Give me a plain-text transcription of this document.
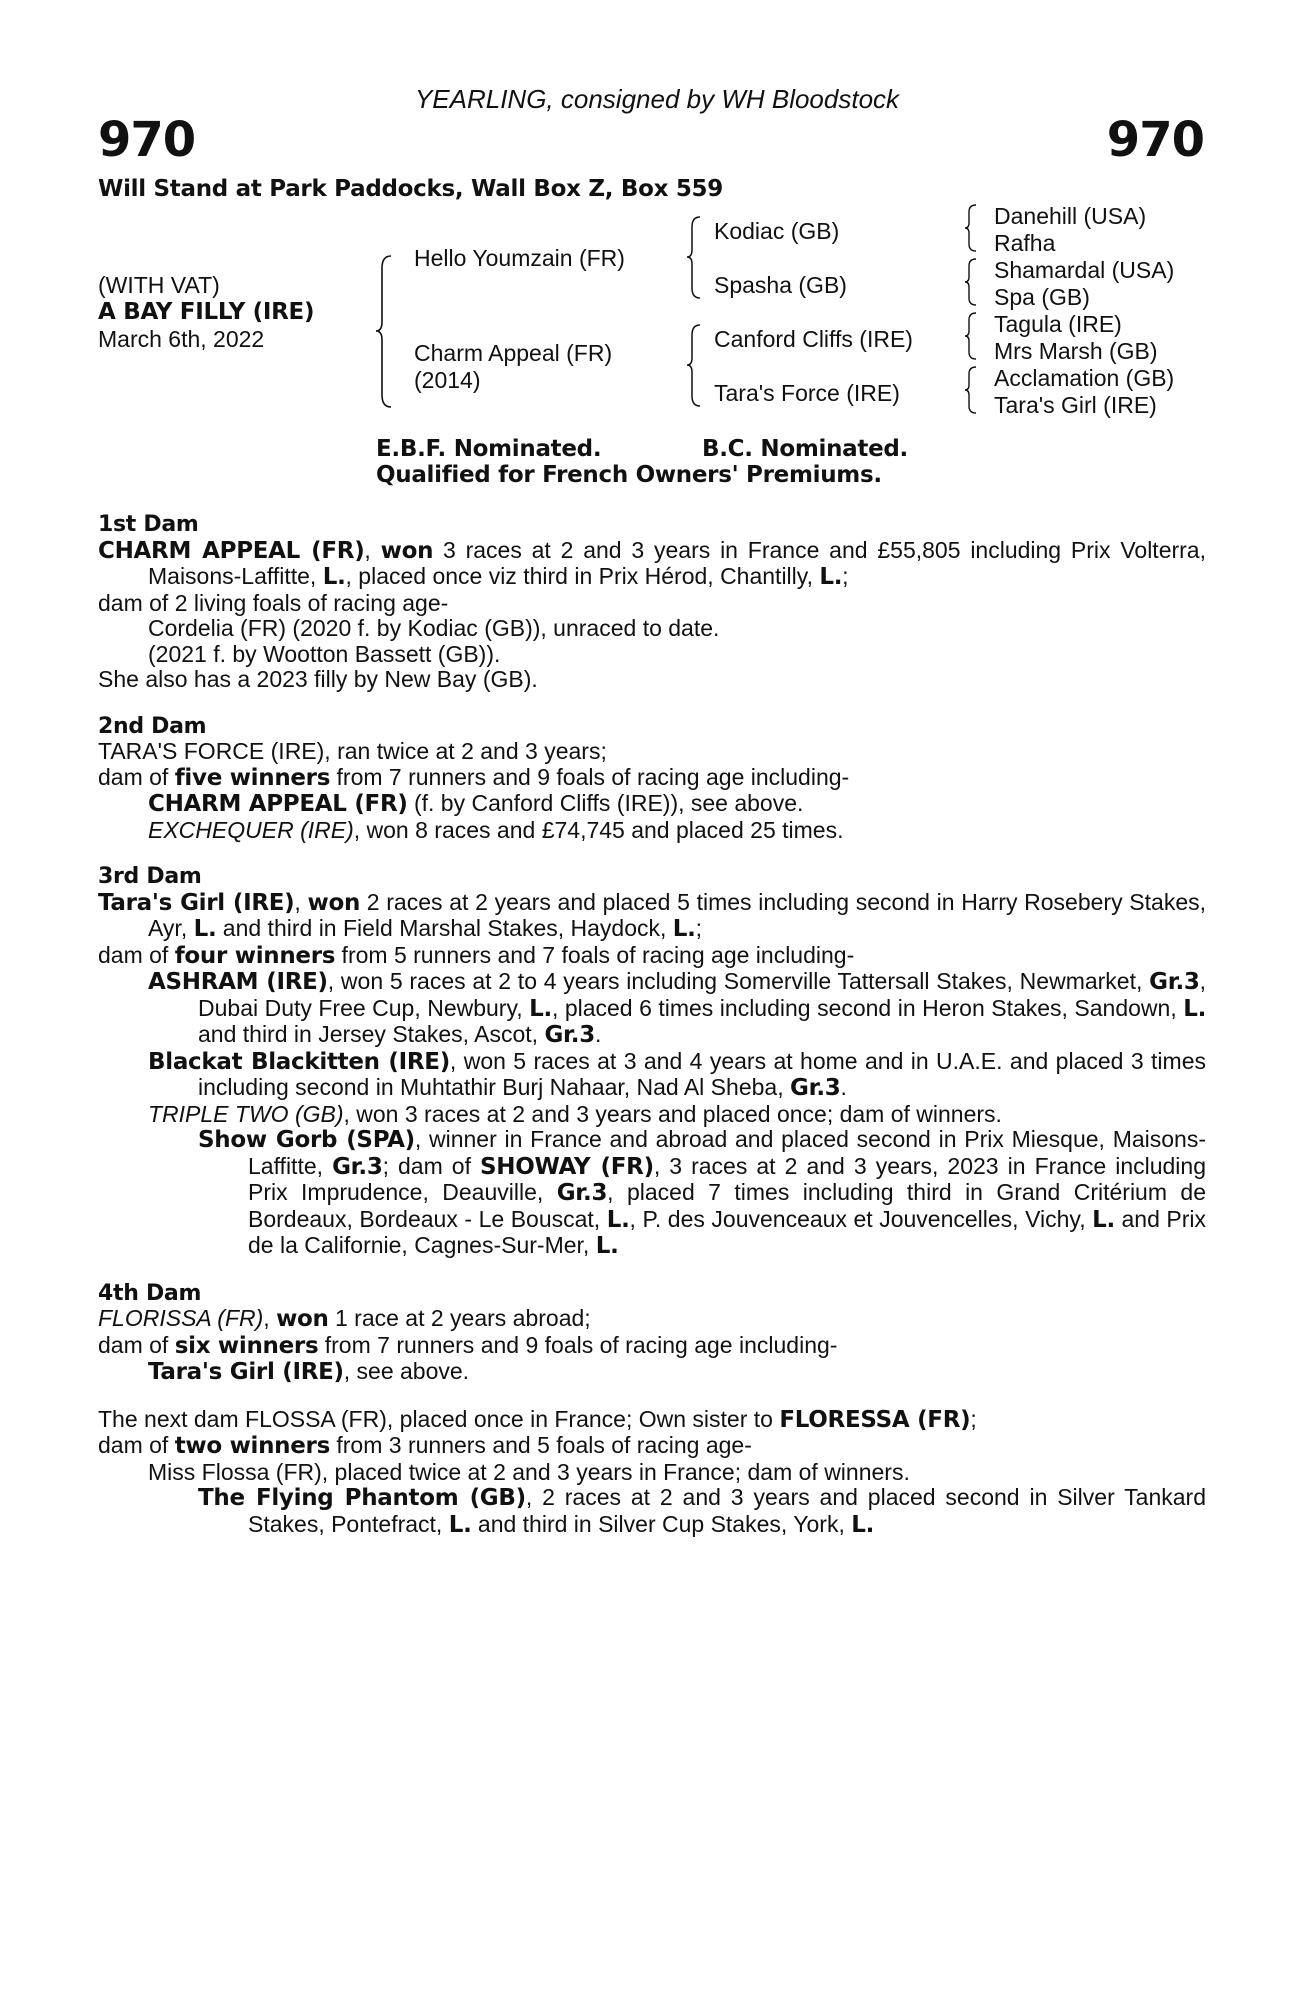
YEARLING, consigned by WH Bloodstock
970	970
Will Stand at Park Paddocks, Wall Box Z, Box 559
(WITH VAT)
A BAY FILLY (IRE)
March 6th, 2022
Hello Youmzain (FR)
Charm Appeal (FR)
(2014)
Kodiac (GB)
Spasha (GB)
Canford Cliffs (IRE)
Tara's Force (IRE)
Danehill (USA)
Rafha
Shamardal (USA)
Spa (GB)
Tagula (IRE)
Mrs Marsh (GB)
Acclamation (GB)
Tara's Girl (IRE)
E.B.F. Nominated.	B.C. Nominated.
Qualified for French Owners' Premiums.
1st Dam
CHARM APPEAL (FR), won 3 races at 2 and 3 years in France and £55,805 including Prix Volterra, Maisons-Laffitte, L., placed once viz third in Prix Hérod, Chantilly, L.;
dam of 2 living foals of racing age-
Cordelia (FR) (2020 f. by Kodiac (GB)), unraced to date.
(2021 f. by Wootton Bassett (GB)).
She also has a 2023 filly by New Bay (GB).
2nd Dam
TARA'S FORCE (IRE), ran twice at 2 and 3 years;
dam of five winners from 7 runners and 9 foals of racing age including-
CHARM APPEAL (FR) (f. by Canford Cliffs (IRE)), see above.
EXCHEQUER (IRE), won 8 races and £74,745 and placed 25 times.
3rd Dam
Tara's Girl (IRE), won 2 races at 2 years and placed 5 times including second in Harry Rosebery Stakes, Ayr, L. and third in Field Marshal Stakes, Haydock, L.;
dam of four winners from 5 runners and 7 foals of racing age including-
ASHRAM (IRE), won 5 races at 2 to 4 years including Somerville Tattersall Stakes, Newmarket, Gr.3, Dubai Duty Free Cup, Newbury, L., placed 6 times including second in Heron Stakes, Sandown, L. and third in Jersey Stakes, Ascot, Gr.3.
Blackat Blackitten (IRE), won 5 races at 3 and 4 years at home and in U.A.E. and placed 3 times including second in Muhtathir Burj Nahaar, Nad Al Sheba, Gr.3.
TRIPLE TWO (GB), won 3 races at 2 and 3 years and placed once; dam of winners.
Show Gorb (SPA), winner in France and abroad and placed second in Prix Miesque, Maisons-Laffitte, Gr.3; dam of SHOWAY (FR), 3 races at 2 and 3 years, 2023 in France including Prix Imprudence, Deauville, Gr.3, placed 7 times including third in Grand Critérium de Bordeaux, Bordeaux - Le Bouscat, L., P. des Jouvenceaux et Jouvencelles, Vichy, L. and Prix de la Californie, Cagnes-Sur-Mer, L.
4th Dam
FLORISSA (FR), won 1 race at 2 years abroad;
dam of six winners from 7 runners and 9 foals of racing age including-
Tara's Girl (IRE), see above.
The next dam FLOSSA (FR), placed once in France; Own sister to FLORESSA (FR);
dam of two winners from 3 runners and 5 foals of racing age-
Miss Flossa (FR), placed twice at 2 and 3 years in France; dam of winners.
The Flying Phantom (GB), 2 races at 2 and 3 years and placed second in Silver Tankard Stakes, Pontefract, L. and third in Silver Cup Stakes, York, L.
